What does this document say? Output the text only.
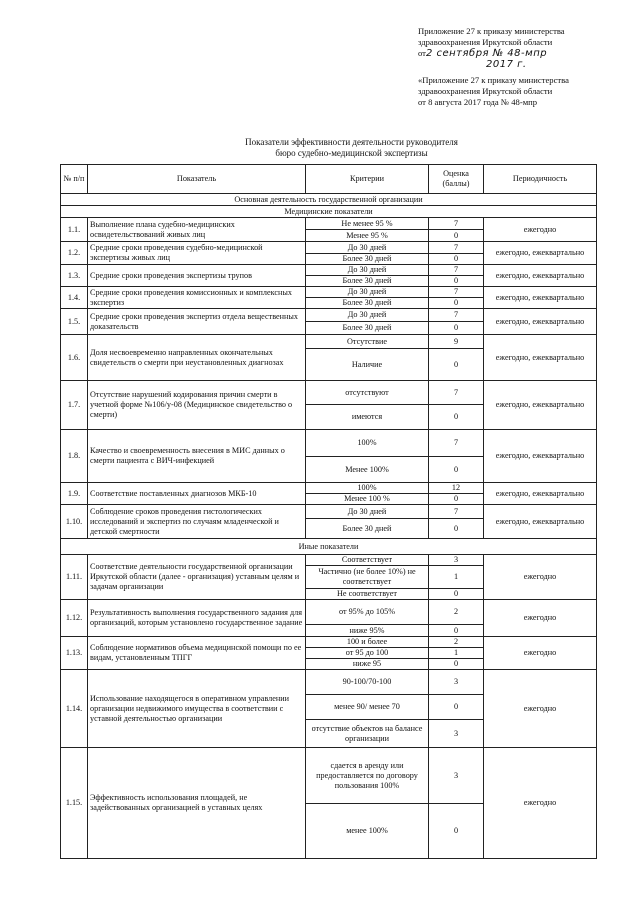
Приложение 27 к приказу министерства
здравоохранения Иркутской области
от2 сентября № 48-мпр
2017 г.
«Приложение 27 к приказу министерства
здравоохранения Иркутской области
от 8 августа 2017 года № 48-мпр
Показатели эффективности деятельности руководителя
бюро судебно-медицинской экспертизы
№ п/п	Показатель	Критерии	Оценка (баллы)	Периодичность
Основная деятельность государственной организации				
Медицинские показатели				
1.1.	Выполнение плана судебно-медицинских освидетельствований живых лиц	Не менее 95 %	7	ежегодно
		Менее 95 %	0	
1.2.	Средние сроки проведения судебно-медицинской экспертизы живых лиц	До 30 дней	7	ежегодно, ежеквартально
		Более 30 дней	0	
1.3.	Средние сроки проведения экспертизы трупов	До 30 дней	7	ежегодно, ежеквартально
		Более 30 дней	0	
1.4.	Средние сроки проведения комиссионных и комплексных экспертиз	До 30 дней	7	ежегодно, ежеквартально
		Более 30 дней	0	
1.5.	Средние сроки проведения экспертиз отдела вещественных доказательств	До 30 дней	7	ежегодно, ежеквартально
		Более 30 дней	0	
1.6.	Доля несвоевременно направленных окончательных свидетельств о смерти при неустановленных диагнозах	Отсутствие	9	ежегодно, ежеквартально
		Наличие	0	
1.7.	Отсутствие нарушений кодирования причин смерти в учетной форме №106/у-08 (Медицинское свидетельство о смерти)	отсутствуют	7	ежегодно, ежеквартально
		имеются	0	
1.8.	Качество и своевременность внесения в МИС данных о смерти пациента с ВИЧ-инфекцией	100%	7	ежегодно, ежеквартально
		Менее 100%	0	
1.9.	Соответствие поставленных диагнозов МКБ-10	100%	12	ежегодно, ежеквартально
		Менее 100 %	0	
1.10.	Соблюдение сроков проведения гистологических исследований и экспертиз по случаям младенческой и детской смертности	До 30 дней	7	ежегодно, ежеквартально
		Более 30 дней	0	
Иные показатели				
1.11.	Соответствие деятельности государственной организации Иркутской области (далее - организация) уставным целям и задачам организации	Соответствует	3	ежегодно
		Частично (не более 10%) не соответствует	1	
		Не соответствует	0	
1.12.	Результативность выполнения государственного задания для организаций, которым установлено государственное задание	от 95% до 105%	2	ежегодно
		ниже 95%	0	
1.13.	Соблюдение нормативов объема медицинской помощи по ее видам, установленным ТПГГ	100 и более	2	ежегодно
		от 95 до 100	1	
		ниже 95	0	
1.14.	Использование находящегося в оперативном управлении организации недвижимого имущества в соответствии с уставной деятельностью организации	90-100/70-100	3	ежегодно
		менее 90/ менее 70	0	
		отсутствие объектов на балансе организации	3	
1.15.	Эффективность использования площадей, не задействованных организацией в уставных целях	сдается в аренду или предоставляется по договору пользования 100%	3	ежегодно
		менее 100%	0	
